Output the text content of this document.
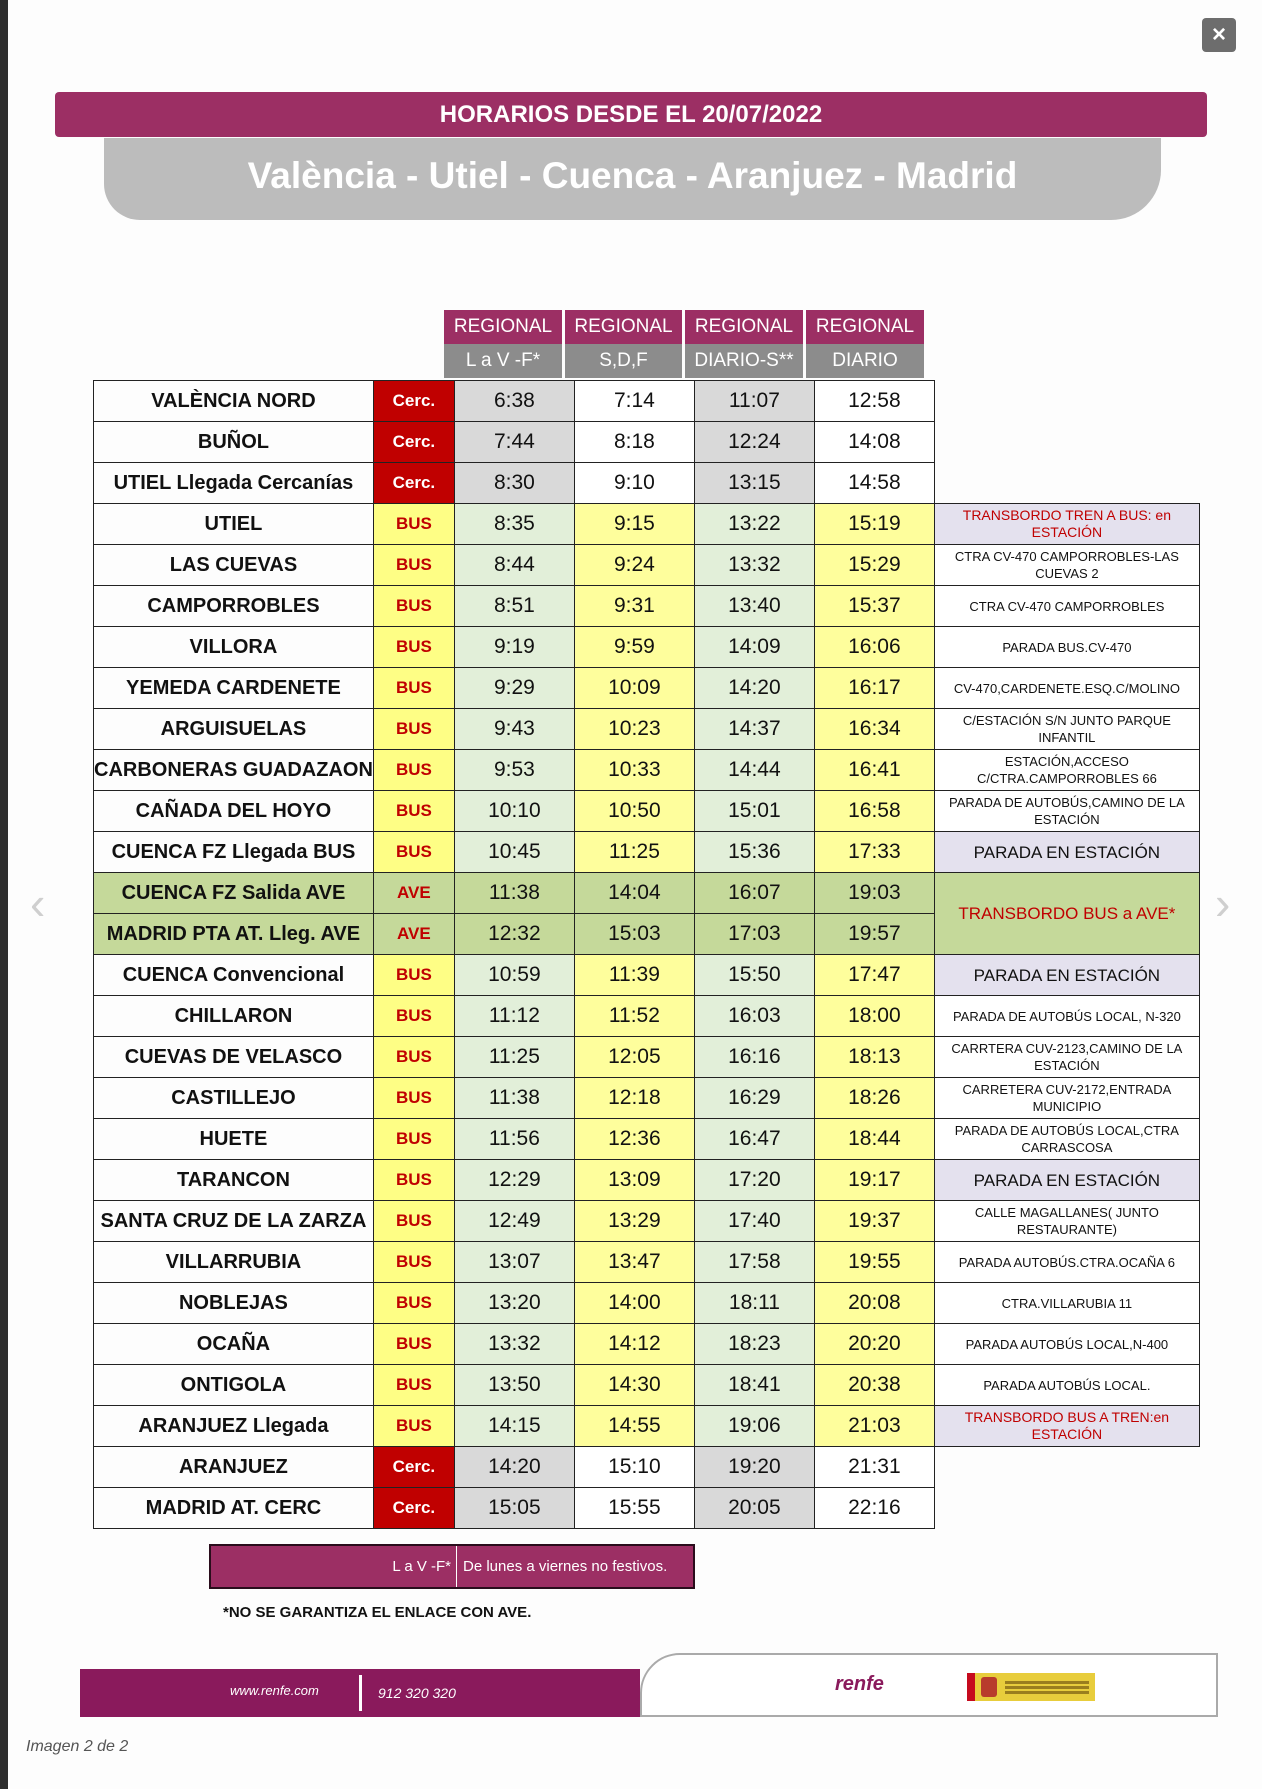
×
‹	›
HORARIOS DESDE EL 20/07/2022
València - Utiel - Cuenca - Aranjuez - Madrid
REGIONAL	REGIONAL	REGIONAL	REGIONAL
L a V -F*	S,D,F	DIARIO-S**	DIARIO
VALÈNCIA NORD	Cerc.	6:38	7:14	11:07	12:58	
BUÑOL	Cerc.	7:44	8:18	12:24	14:08	
UTIEL Llegada Cercanías	Cerc.	8:30	9:10	13:15	14:58	
UTIEL	BUS	8:35	9:15	13:22	15:19	TRANSBORDO TREN A BUS: en ESTACIÓN
LAS CUEVAS	BUS	8:44	9:24	13:32	15:29	CTRA CV-470 CAMPORROBLES-LAS CUEVAS 2
CAMPORROBLES	BUS	8:51	9:31	13:40	15:37	CTRA CV-470 CAMPORROBLES
VILLORA	BUS	9:19	9:59	14:09	16:06	PARADA BUS.CV-470
YEMEDA CARDENETE	BUS	9:29	10:09	14:20	16:17	CV-470,CARDENETE.ESQ.C/MOLINO
ARGUISUELAS	BUS	9:43	10:23	14:37	16:34	C/ESTACIÓN S/N JUNTO PARQUE INFANTIL
CARBONERAS GUADAZAON	BUS	9:53	10:33	14:44	16:41	ESTACIÓN,ACCESO C/CTRA.CAMPORROBLES 66
CAÑADA DEL HOYO	BUS	10:10	10:50	15:01	16:58	PARADA DE AUTOBÚS,CAMINO DE LA ESTACIÓN
CUENCA FZ Llegada BUS	BUS	10:45	11:25	15:36	17:33	PARADA EN ESTACIÓN
CUENCA FZ Salida AVE	AVE	11:38	14:04	16:07	19:03	TRANSBORDO BUS a AVE*
MADRID PTA AT. Lleg. AVE	AVE	12:32	15:03	17:03	19:57	
CUENCA Convencional	BUS	10:59	11:39	15:50	17:47	PARADA EN ESTACIÓN
CHILLARON	BUS	11:12	11:52	16:03	18:00	PARADA DE AUTOBÚS LOCAL, N-320
CUEVAS DE VELASCO	BUS	11:25	12:05	16:16	18:13	CARRTERA CUV-2123,CAMINO DE LA ESTACIÓN
CASTILLEJO	BUS	11:38	12:18	16:29	18:26	CARRETERA CUV-2172,ENTRADA MUNICIPIO
HUETE	BUS	11:56	12:36	16:47	18:44	PARADA DE AUTOBÚS LOCAL,CTRA CARRASCOSA
TARANCON	BUS	12:29	13:09	17:20	19:17	PARADA EN ESTACIÓN
SANTA CRUZ DE LA ZARZA	BUS	12:49	13:29	17:40	19:37	CALLE MAGALLANES( JUNTO RESTAURANTE)
VILLARRUBIA	BUS	13:07	13:47	17:58	19:55	PARADA AUTOBÚS.CTRA.OCAÑA 6
NOBLEJAS	BUS	13:20	14:00	18:11	20:08	CTRA.VILLARUBIA 11
OCAÑA	BUS	13:32	14:12	18:23	20:20	PARADA AUTOBÚS LOCAL,N-400
ONTIGOLA	BUS	13:50	14:30	18:41	20:38	PARADA AUTOBÚS LOCAL.
ARANJUEZ Llegada	BUS	14:15	14:55	19:06	21:03	TRANSBORDO BUS A TREN:en ESTACIÓN
ARANJUEZ	Cerc.	14:20	15:10	19:20	21:31	
MADRID AT. CERC	Cerc.	15:05	15:55	20:05	22:16	
L a V -F* De lunes a viernes no festivos.
*NO SE GARANTIZA EL ENLACE CON AVE.
www.renfe.com	912 320 320	renfe
Imagen 2 de 2
